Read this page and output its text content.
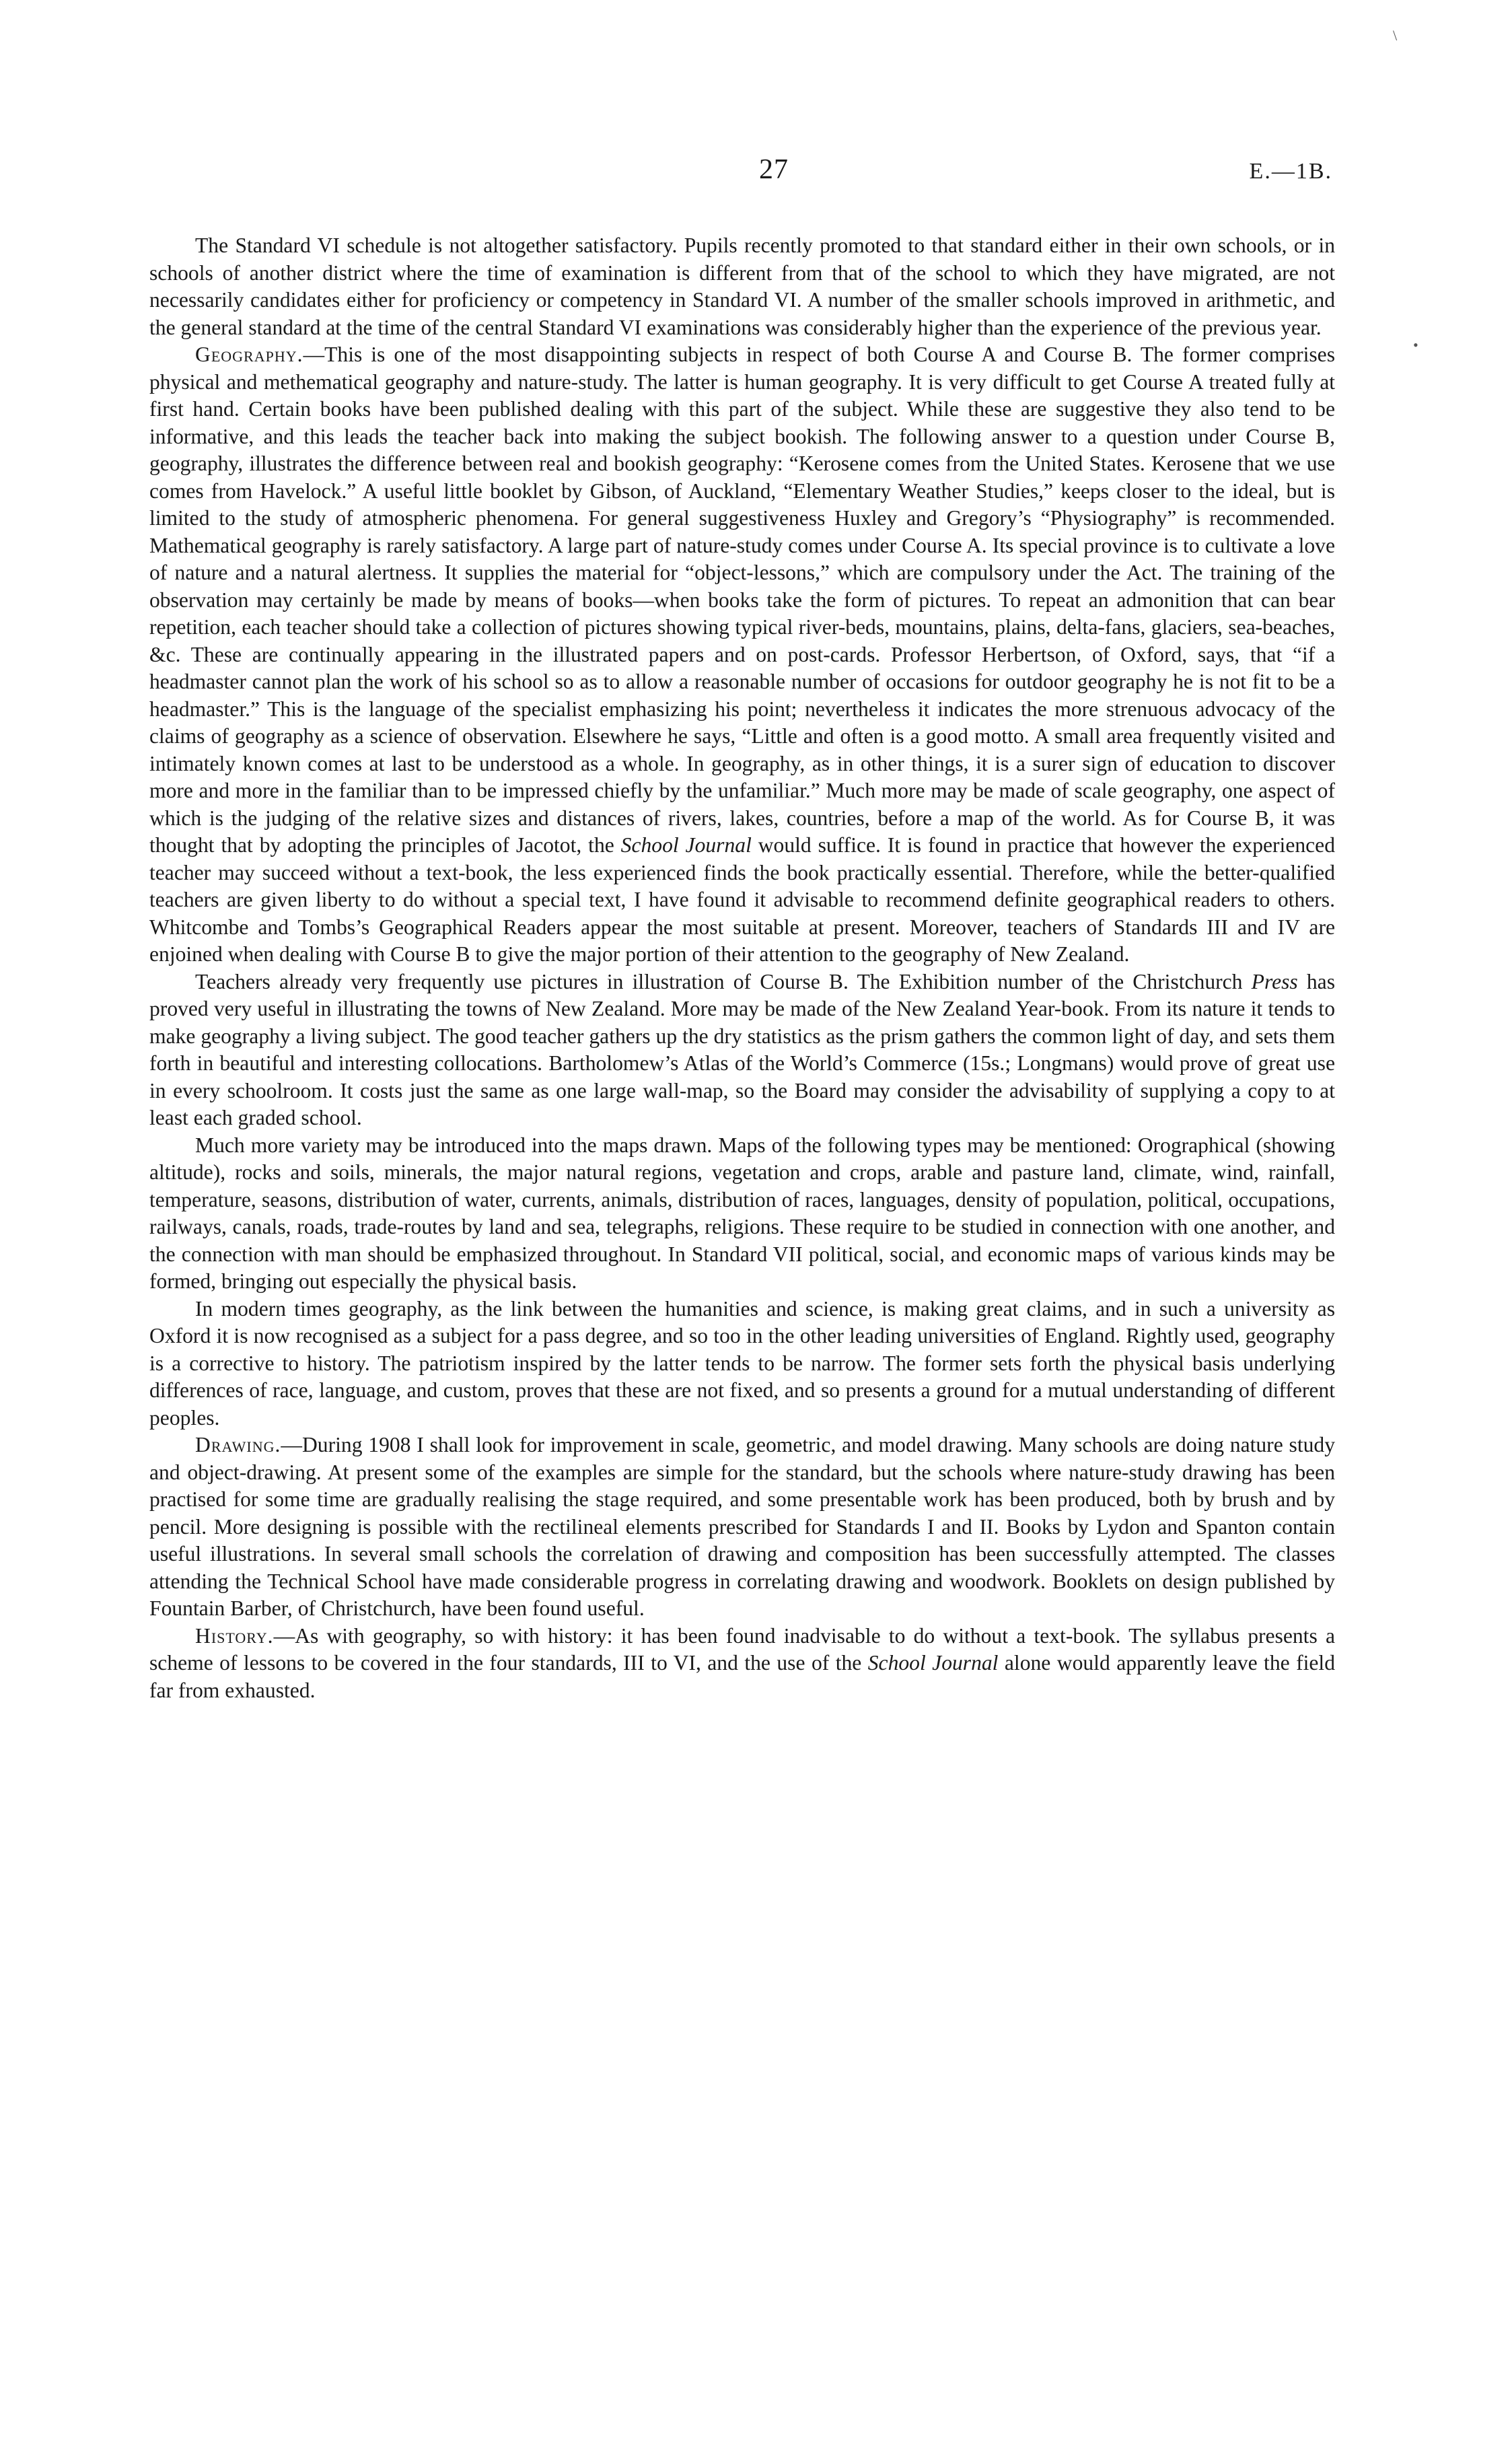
27	E.—1B.
\
•

The Standard VI schedule is not altogether satisfactory. Pupils recently promoted to that standard either in their own schools, or in schools of another district where the time of examination is different from that of the school to which they have migrated, are not necessarily candidates either for proficiency or competency in Standard VI. A number of the smaller schools improved in arithmetic, and the general standard at the time of the central Standard VI examinations was considerably higher than the experience of the previous year.

Geography.—This is one of the most disappointing subjects in respect of both Course A and Course B. The former comprises physical and methematical geography and nature-study. The latter is human geography. It is very difficult to get Course A treated fully at first hand. Certain books have been published dealing with this part of the subject. While these are suggestive they also tend to be informative, and this leads the teacher back into making the subject bookish. The following answer to a question under Course B, geography, illustrates the difference between real and bookish geography: “Kerosene comes from the United States. Kerosene that we use comes from Havelock.” A useful little booklet by Gibson, of Auckland, “Elementary Weather Studies,” keeps closer to the ideal, but is limited to the study of atmospheric phenomena. For general suggestiveness Huxley and Gregory’s “Physiography” is recommended. Mathematical geography is rarely satisfactory. A large part of nature-study comes under Course A. Its special province is to cultivate a love of nature and a natural alertness. It supplies the material for “object-lessons,” which are compulsory under the Act. The training of the observation may certainly be made by means of books—when books take the form of pictures. To repeat an admonition that can bear repetition, each teacher should take a collection of pictures showing typical river-beds, mountains, plains, delta-fans, glaciers, sea-beaches, &c. These are continually appearing in the illustrated papers and on post-cards. Professor Herbertson, of Oxford, says, that “if a headmaster cannot plan the work of his school so as to allow a reasonable number of occasions for outdoor geography he is not fit to be a headmaster.” This is the language of the specialist emphasizing his point; nevertheless it indicates the more strenuous advocacy of the claims of geography as a science of observation. Elsewhere he says, “Little and often is a good motto. A small area frequently visited and intimately known comes at last to be understood as a whole. In geography, as in other things, it is a surer sign of education to discover more and more in the familiar than to be impressed chiefly by the unfamiliar.” Much more may be made of scale geography, one aspect of which is the judging of the relative sizes and distances of rivers, lakes, countries, before a map of the world. As for Course B, it was thought that by adopting the principles of Jacotot, the School Journal would suffice. It is found in practice that however the experienced teacher may succeed without a text-book, the less experienced finds the book practically essential. Therefore, while the better-qualified teachers are given liberty to do without a special text, I have found it advisable to recommend definite geographical readers to others. Whitcombe and Tombs’s Geographical Readers appear the most suitable at present. Moreover, teachers of Standards III and IV are enjoined when dealing with Course B to give the major portion of their attention to the geography of New Zealand.

Teachers already very frequently use pictures in illustration of Course B. The Exhibition number of the Christchurch Press has proved very useful in illustrating the towns of New Zealand. More may be made of the New Zealand Year-book. From its nature it tends to make geography a living subject. The good teacher gathers up the dry statistics as the prism gathers the common light of day, and sets them forth in beautiful and interesting collocations. Bartholomew’s Atlas of the World’s Commerce (15s.; Longmans) would prove of great use in every schoolroom. It costs just the same as one large wall-map, so the Board may consider the advisability of supplying a copy to at least each graded school.

Much more variety may be introduced into the maps drawn. Maps of the following types may be mentioned: Orographical (showing altitude), rocks and soils, minerals, the major natural regions, vegetation and crops, arable and pasture land, climate, wind, rainfall, temperature, seasons, distribution of water, currents, animals, distribution of races, languages, density of population, political, occupations, railways, canals, roads, trade-routes by land and sea, telegraphs, religions. These require to be studied in connection with one another, and the connection with man should be emphasized throughout. In Standard VII political, social, and economic maps of various kinds may be formed, bringing out especially the physical basis.

In modern times geography, as the link between the humanities and science, is making great claims, and in such a university as Oxford it is now recognised as a subject for a pass degree, and so too in the other leading universities of England. Rightly used, geography is a corrective to history. The patriotism inspired by the latter tends to be narrow. The former sets forth the physical basis underlying differences of race, language, and custom, proves that these are not fixed, and so presents a ground for a mutual understanding of different peoples.

Drawing.—During 1908 I shall look for improvement in scale, geometric, and model drawing. Many schools are doing nature study and object-drawing. At present some of the examples are simple for the standard, but the schools where nature-study drawing has been practised for some time are gradually realising the stage required, and some presentable work has been produced, both by brush and by pencil. More designing is possible with the rectilineal elements prescribed for Standards I and II. Books by Lydon and Spanton contain useful illustrations. In several small schools the correlation of drawing and composition has been successfully attempted. The classes attending the Technical School have made considerable progress in correlating drawing and woodwork. Booklets on design published by Fountain Barber, of Christchurch, have been found useful.

History.—As with geography, so with history: it has been found inadvisable to do without a text-book. The syllabus presents a scheme of lessons to be covered in the four standards, III to VI, and the use of the School Journal alone would apparently leave the field far from exhausted.
